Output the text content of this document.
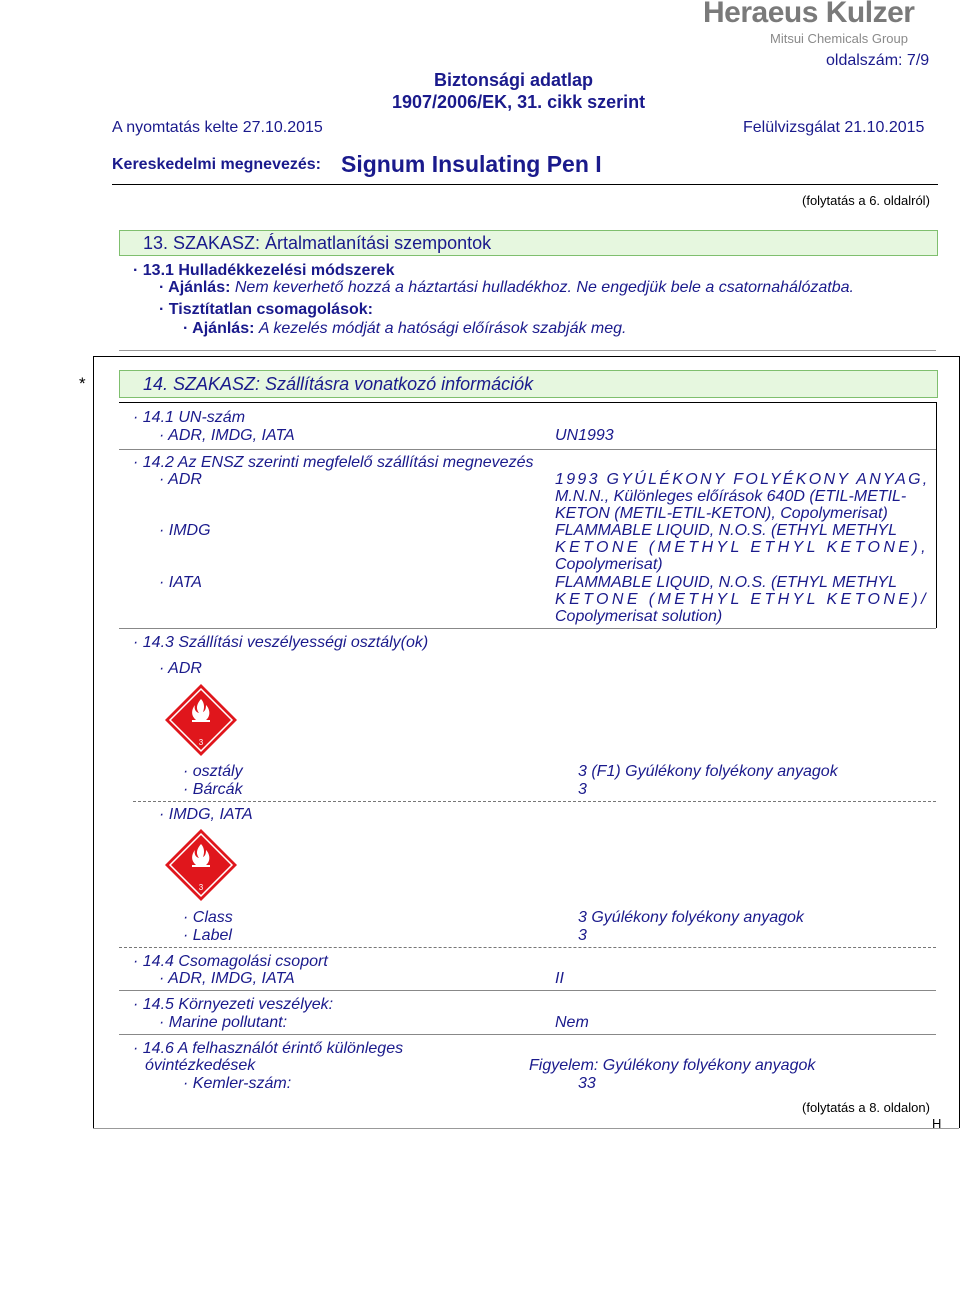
Heraeus Kulzer
Mitsui Chemicals Group
Biztonsági adatlap
oldalszám: 7/9
1907/2006/EK, 31. cikk szerint
A nyomtatás kelte 27.10.2015	Felülvizsgálat 21.10.2015
Kereskedelmi megnevezés: Signum Insulating Pen I
(folytatás a 6. oldalról)
13. SZAKASZ: Ártalmatlanítási szempontok
· 13.1 Hulladékkezelési módszerek
· Ajánlás: Nem keverhető hozzá a háztartási hulladékhoz. Ne engedjük bele a csatornahálózatba.
· Tisztítatlan csomagolások:
· Ajánlás: A kezelés módját a hatósági előírások szabják meg.
*	14. SZAKASZ: Szállításra vonatkozó információk
· 14.1 UN-szám
· ADR, IMDG, IATA	UN1993
· 14.2 Az ENSZ szerinti megfelelő szállítási megnevezés
· ADR	1993 GYÚLÉKONY FOLYÉKONY ANYAG,
M.N.N., Különleges előírások 640D (ETIL-METIL-
KETON (METIL-ETIL-KETON), Copolymerisat)
· IMDG	FLAMMABLE LIQUID, N.O.S. (ETHYL METHYL
KETONE (METHYL ETHYL KETONE),
Copolymerisat)
· IATA	FLAMMABLE LIQUID, N.O.S. (ETHYL METHYL
KETONE (METHYL ETHYL KETONE)/
Copolymerisat solution)
· 14.3 Szállítási veszélyességi osztály(ok)
· ADR
3
· osztály	3 (F1) Gyúlékony folyékony anyagok
· Bárcák	3
· IMDG, IATA
3
· Class	3 Gyúlékony folyékony anyagok
· Label	3
· 14.4 Csomagolási csoport
· ADR, IMDG, IATA	II
· 14.5 Környezeti veszélyek:
· Marine pollutant:	Nem
· 14.6 A felhasználót érintő különleges
óvintézkedések	Figyelem: Gyúlékony folyékony anyagok
· Kemler-szám:	33
(folytatás a 8. oldalon)
H
